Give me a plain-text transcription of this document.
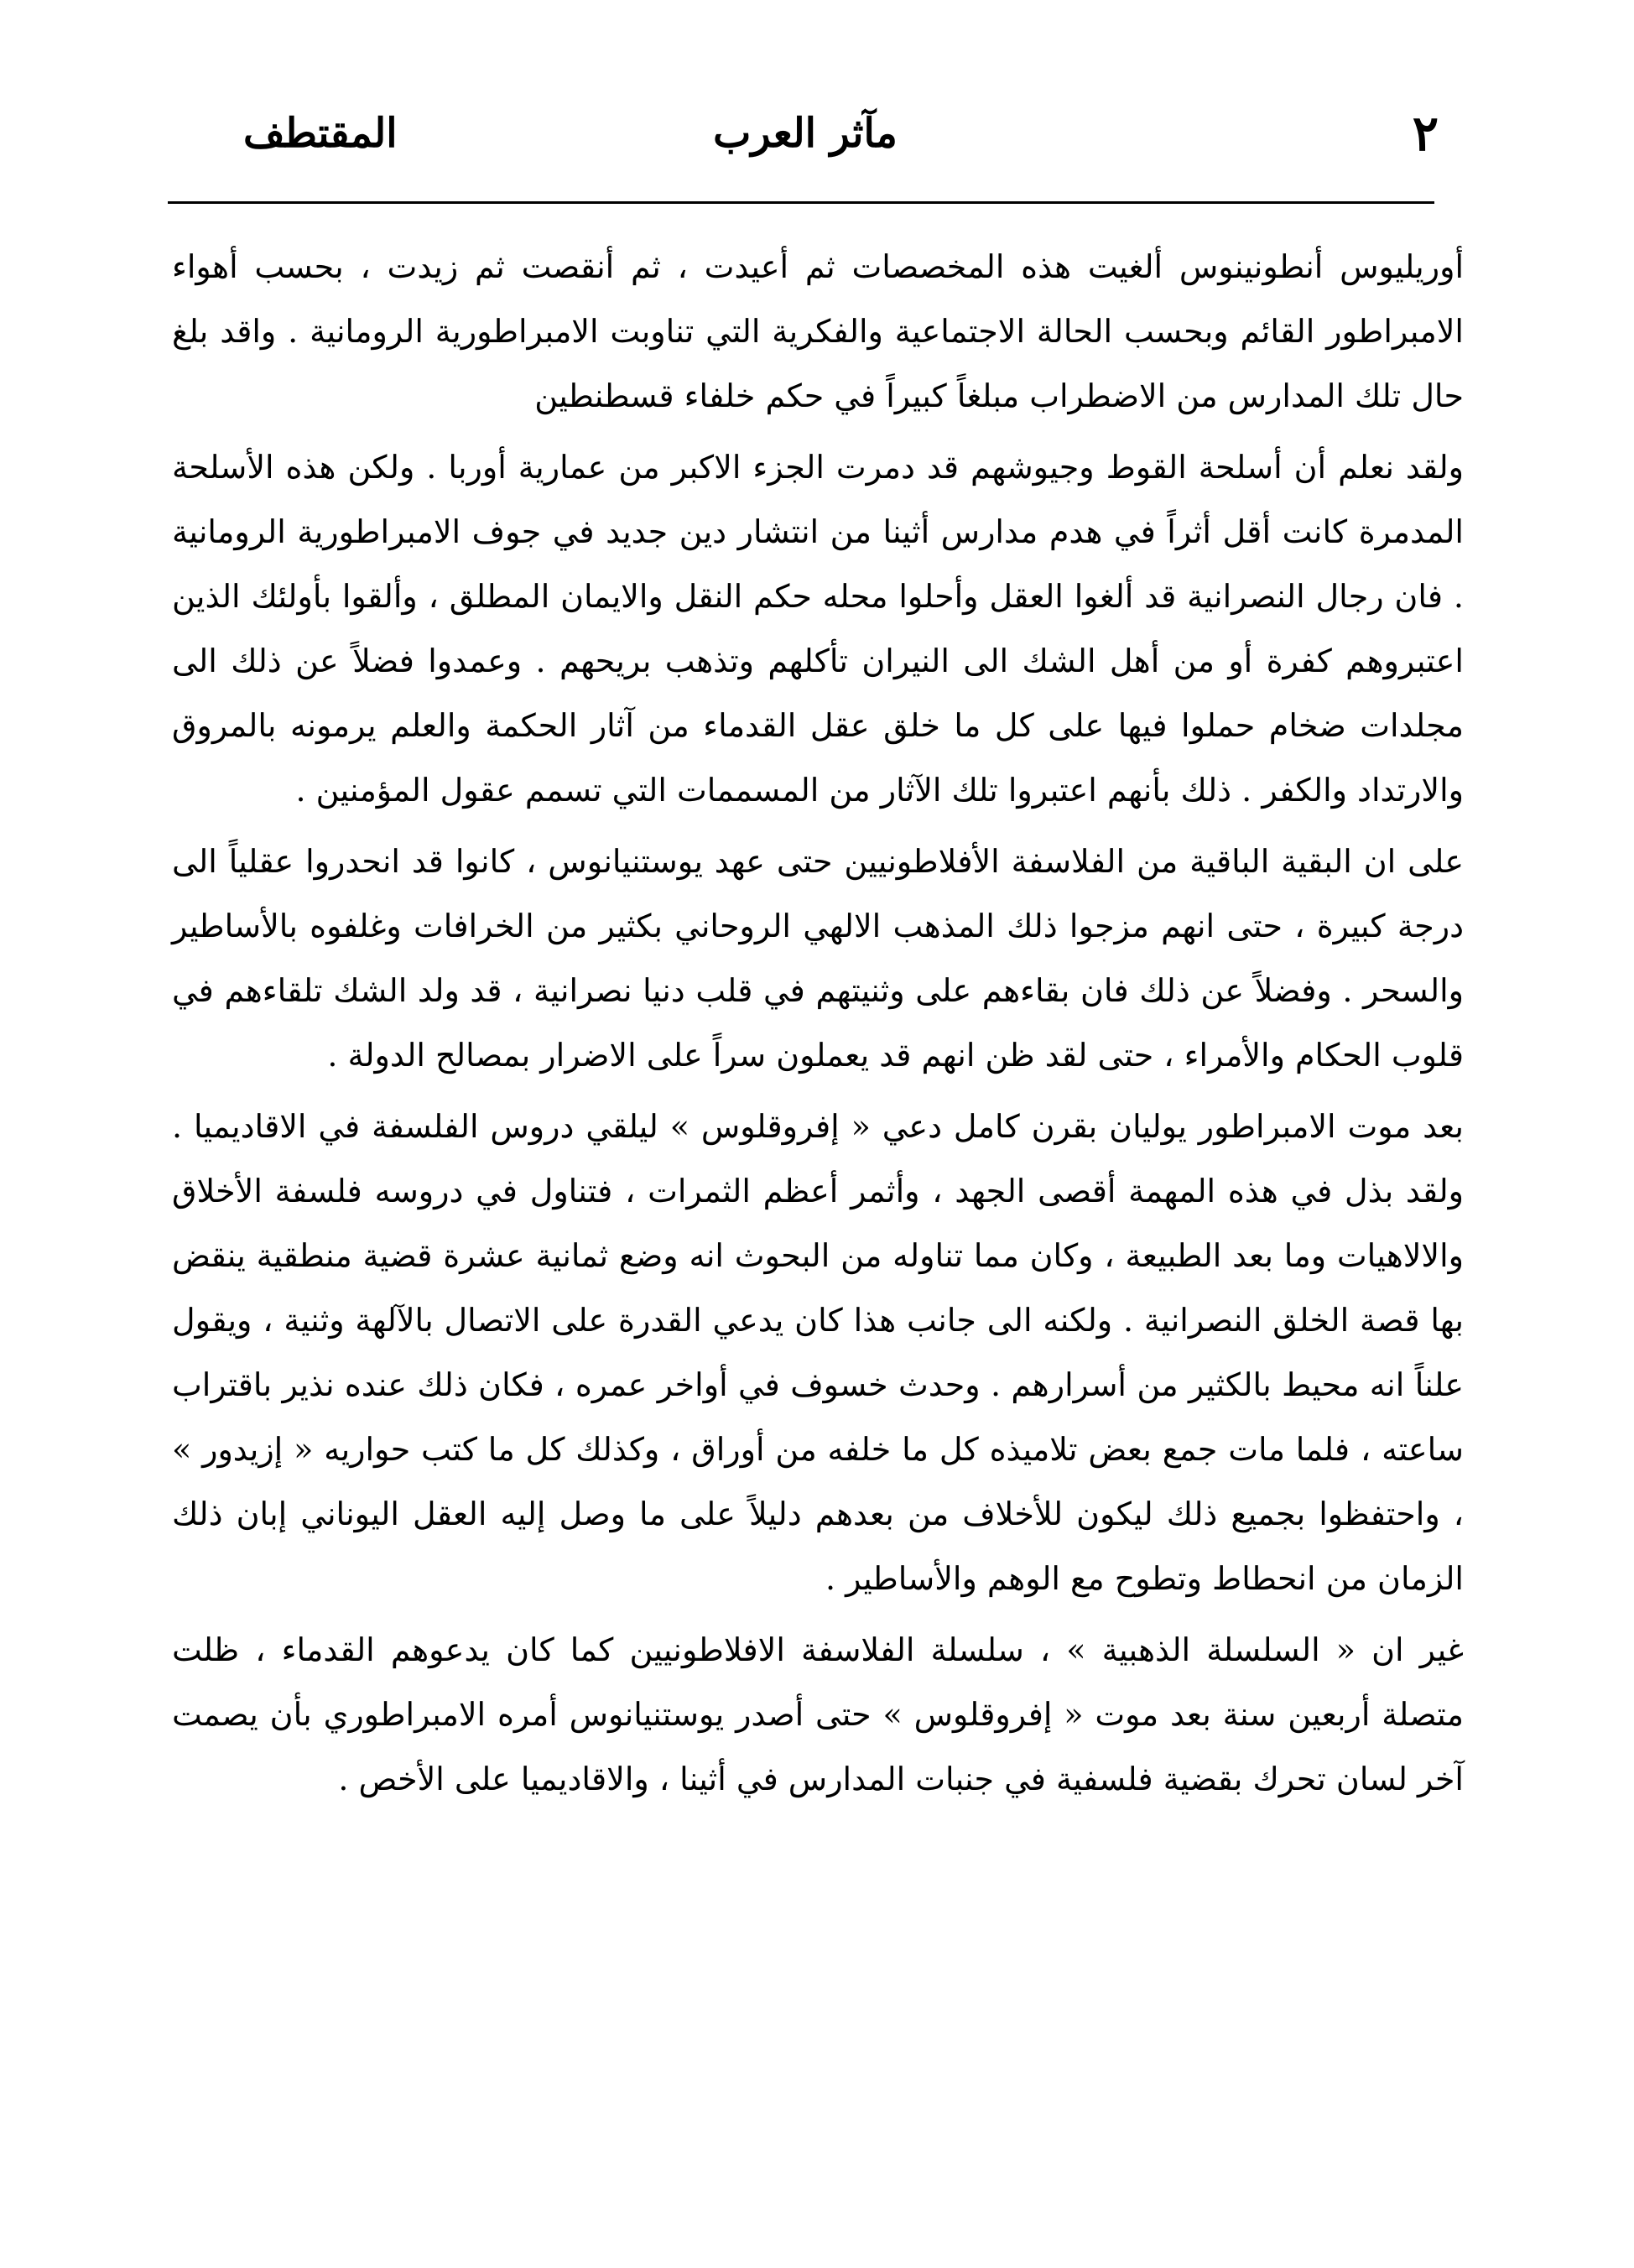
٢
مآثر العرب
المقتطف

أوريليوس أنطونينوس ألغيت هذه المخصصات ثم أعيدت ، ثم أنقصت ثم زيدت ، بحسب أهواء الامبراطور القائم وبحسب الحالة الاجتماعية والفكرية التي تناوبت الامبراطورية الرومانية . واقد بلغ حال تلك المدارس من الاضطراب مبلغاً كبيراً في حكم خلفاء قسطنطين

ولقد نعلم أن أسلحة القوط وجيوشهم قد دمرت الجزء الاكبر من عمارية أوربا . ولكن هذه الأسلحة المدمرة كانت أقل أثراً في هدم مدارس أثينا من انتشار دين جديد في جوف الامبراطورية الرومانية . فان رجال النصرانية قد ألغوا العقل وأحلوا محله حكم النقل والايمان المطلق ، وألقوا بأولئك الذين اعتبروهم كفرة أو من أهل الشك الى النيران تأكلهم وتذهب بريحهم . وعمدوا فضلاً عن ذلك الى مجلدات ضخام حملوا فيها على كل ما خلق عقل القدماء من آثار الحكمة والعلم يرمونه بالمروق والارتداد والكفر . ذلك بأنهم اعتبروا تلك الآثار من المسممات التي تسمم عقول المؤمنين .

على ان البقية الباقية من الفلاسفة الأفلاطونيين حتى عهد يوستنيانوس ، كانوا قد انحدروا عقلياً الى درجة كبيرة ، حتى انهم مزجوا ذلك المذهب الالهي الروحاني بكثير من الخرافات وغلفوه بالأساطير والسحر . وفضلاً عن ذلك فان بقاءهم على وثنيتهم في قلب دنيا نصرانية ، قد ولد الشك تلقاءهم في قلوب الحكام والأمراء ، حتى لقد ظن انهم قد يعملون سراً على الاضرار بمصالح الدولة .

بعد موت الامبراطور يوليان بقرن كامل دعي « إفروقلوس » ليلقي دروس الفلسفة في الاقاديميا . ولقد بذل في هذه المهمة أقصى الجهد ، وأثمر أعظم الثمرات ، فتناول في دروسه فلسفة الأخلاق والالاهيات وما بعد الطبيعة ، وكان مما تناوله من البحوث انه وضع ثمانية عشرة قضية منطقية ينقض بها قصة الخلق النصرانية . ولكنه الى جانب هذا كان يدعي القدرة على الاتصال بالآلهة وثنية ، ويقول علناً انه محيط بالكثير من أسرارهم . وحدث خسوف في أواخر عمره ، فكان ذلك عنده نذير باقتراب ساعته ، فلما مات جمع بعض تلاميذه كل ما خلفه من أوراق ، وكذلك كل ما كتب حواريه « إزيدور » ، واحتفظوا بجميع ذلك ليكون للأخلاف من بعدهم دليلاً على ما وصل إليه العقل اليوناني إبان ذلك الزمان من انحطاط وتطوح مع الوهم والأساطير .

غير ان « السلسلة الذهبية » ، سلسلة الفلاسفة الافلاطونيين كما كان يدعوهم القدماء ، ظلت متصلة أربعين سنة بعد موت « إفروقلوس » حتى أصدر يوستنيانوس أمره الامبراطوري بأن يصمت آخر لسان تحرك بقضية فلسفية في جنبات المدارس في أثينا ، والاقاديميا على الأخص .
